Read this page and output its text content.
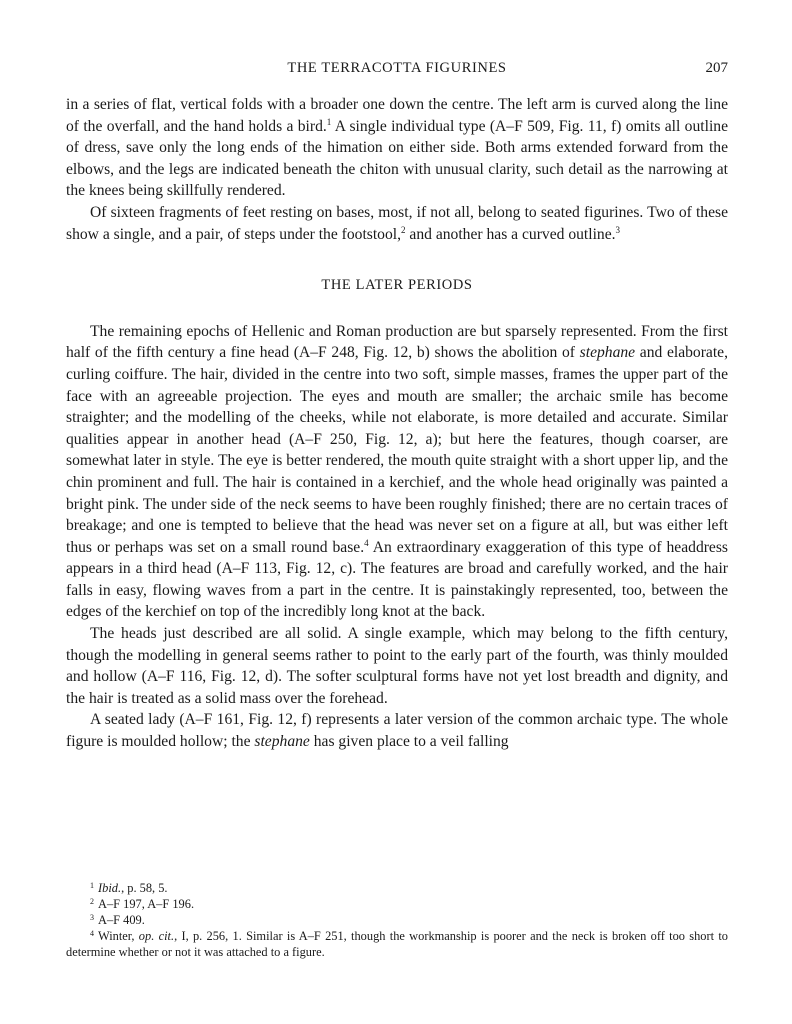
THE TERRACOTTA FIGURINES	207

in a series of flat, vertical folds with a broader one down the centre. The left arm is curved along the line of the overfall, and the hand holds a bird.$^1$ A single individual type (A–F 509, Fig. 11, f) omits all outline of dress, save only the long ends of the himation on either side. Both arms extended forward from the elbows, and the legs are indicated beneath the chiton with unusual clarity, such detail as the narrowing at the knees being skillfully rendered.

Of sixteen fragments of feet resting on bases, most, if not all, belong to seated figurines. Two of these show a single, and a pair, of steps under the footstool,$^2$ and another has a curved outline.$^3$

THE LATER PERIODS

The remaining epochs of Hellenic and Roman production are but sparsely represented. From the first half of the fifth century a fine head (A–F 248, Fig. 12, b) shows the abolition of stephane and elaborate, curling coiffure. The hair, divided in the centre into two soft, simple masses, frames the upper part of the face with an agreeable projection. The eyes and mouth are smaller; the archaic smile has become straighter; and the modelling of the cheeks, while not elaborate, is more detailed and accurate. Similar qualities appear in another head (A–F 250, Fig. 12, a); but here the features, though coarser, are somewhat later in style. The eye is better rendered, the mouth quite straight with a short upper lip, and the chin prominent and full. The hair is contained in a kerchief, and the whole head originally was painted a bright pink. The under side of the neck seems to have been roughly finished; there are no certain traces of breakage; and one is tempted to believe that the head was never set on a figure at all, but was either left thus or perhaps was set on a small round base.$^4$ An extraordinary exaggeration of this type of headdress appears in a third head (A–F 113, Fig. 12, c). The features are broad and carefully worked, and the hair falls in easy, flowing waves from a part in the centre. It is painstakingly represented, too, between the edges of the kerchief on top of the incredibly long knot at the back.

The heads just described are all solid. A single example, which may belong to the fifth century, though the modelling in general seems rather to point to the early part of the fourth, was thinly moulded and hollow (A–F 116, Fig. 12, d). The softer sculptural forms have not yet lost breadth and dignity, and the hair is treated as a solid mass over the forehead.

A seated lady (A–F 161, Fig. 12, f) represents a later version of the common archaic type. The whole figure is moulded hollow; the stephane has given place to a veil falling

$^1$ Ibid., p. 58, 5.

$^2$ A–F 197, A–F 196.

$^3$ A–F 409.

$^4$ Winter, op. cit., I, p. 256, 1. Similar is A–F 251, though the workmanship is poorer and the neck is broken off too short to determine whether or not it was attached to a figure.
